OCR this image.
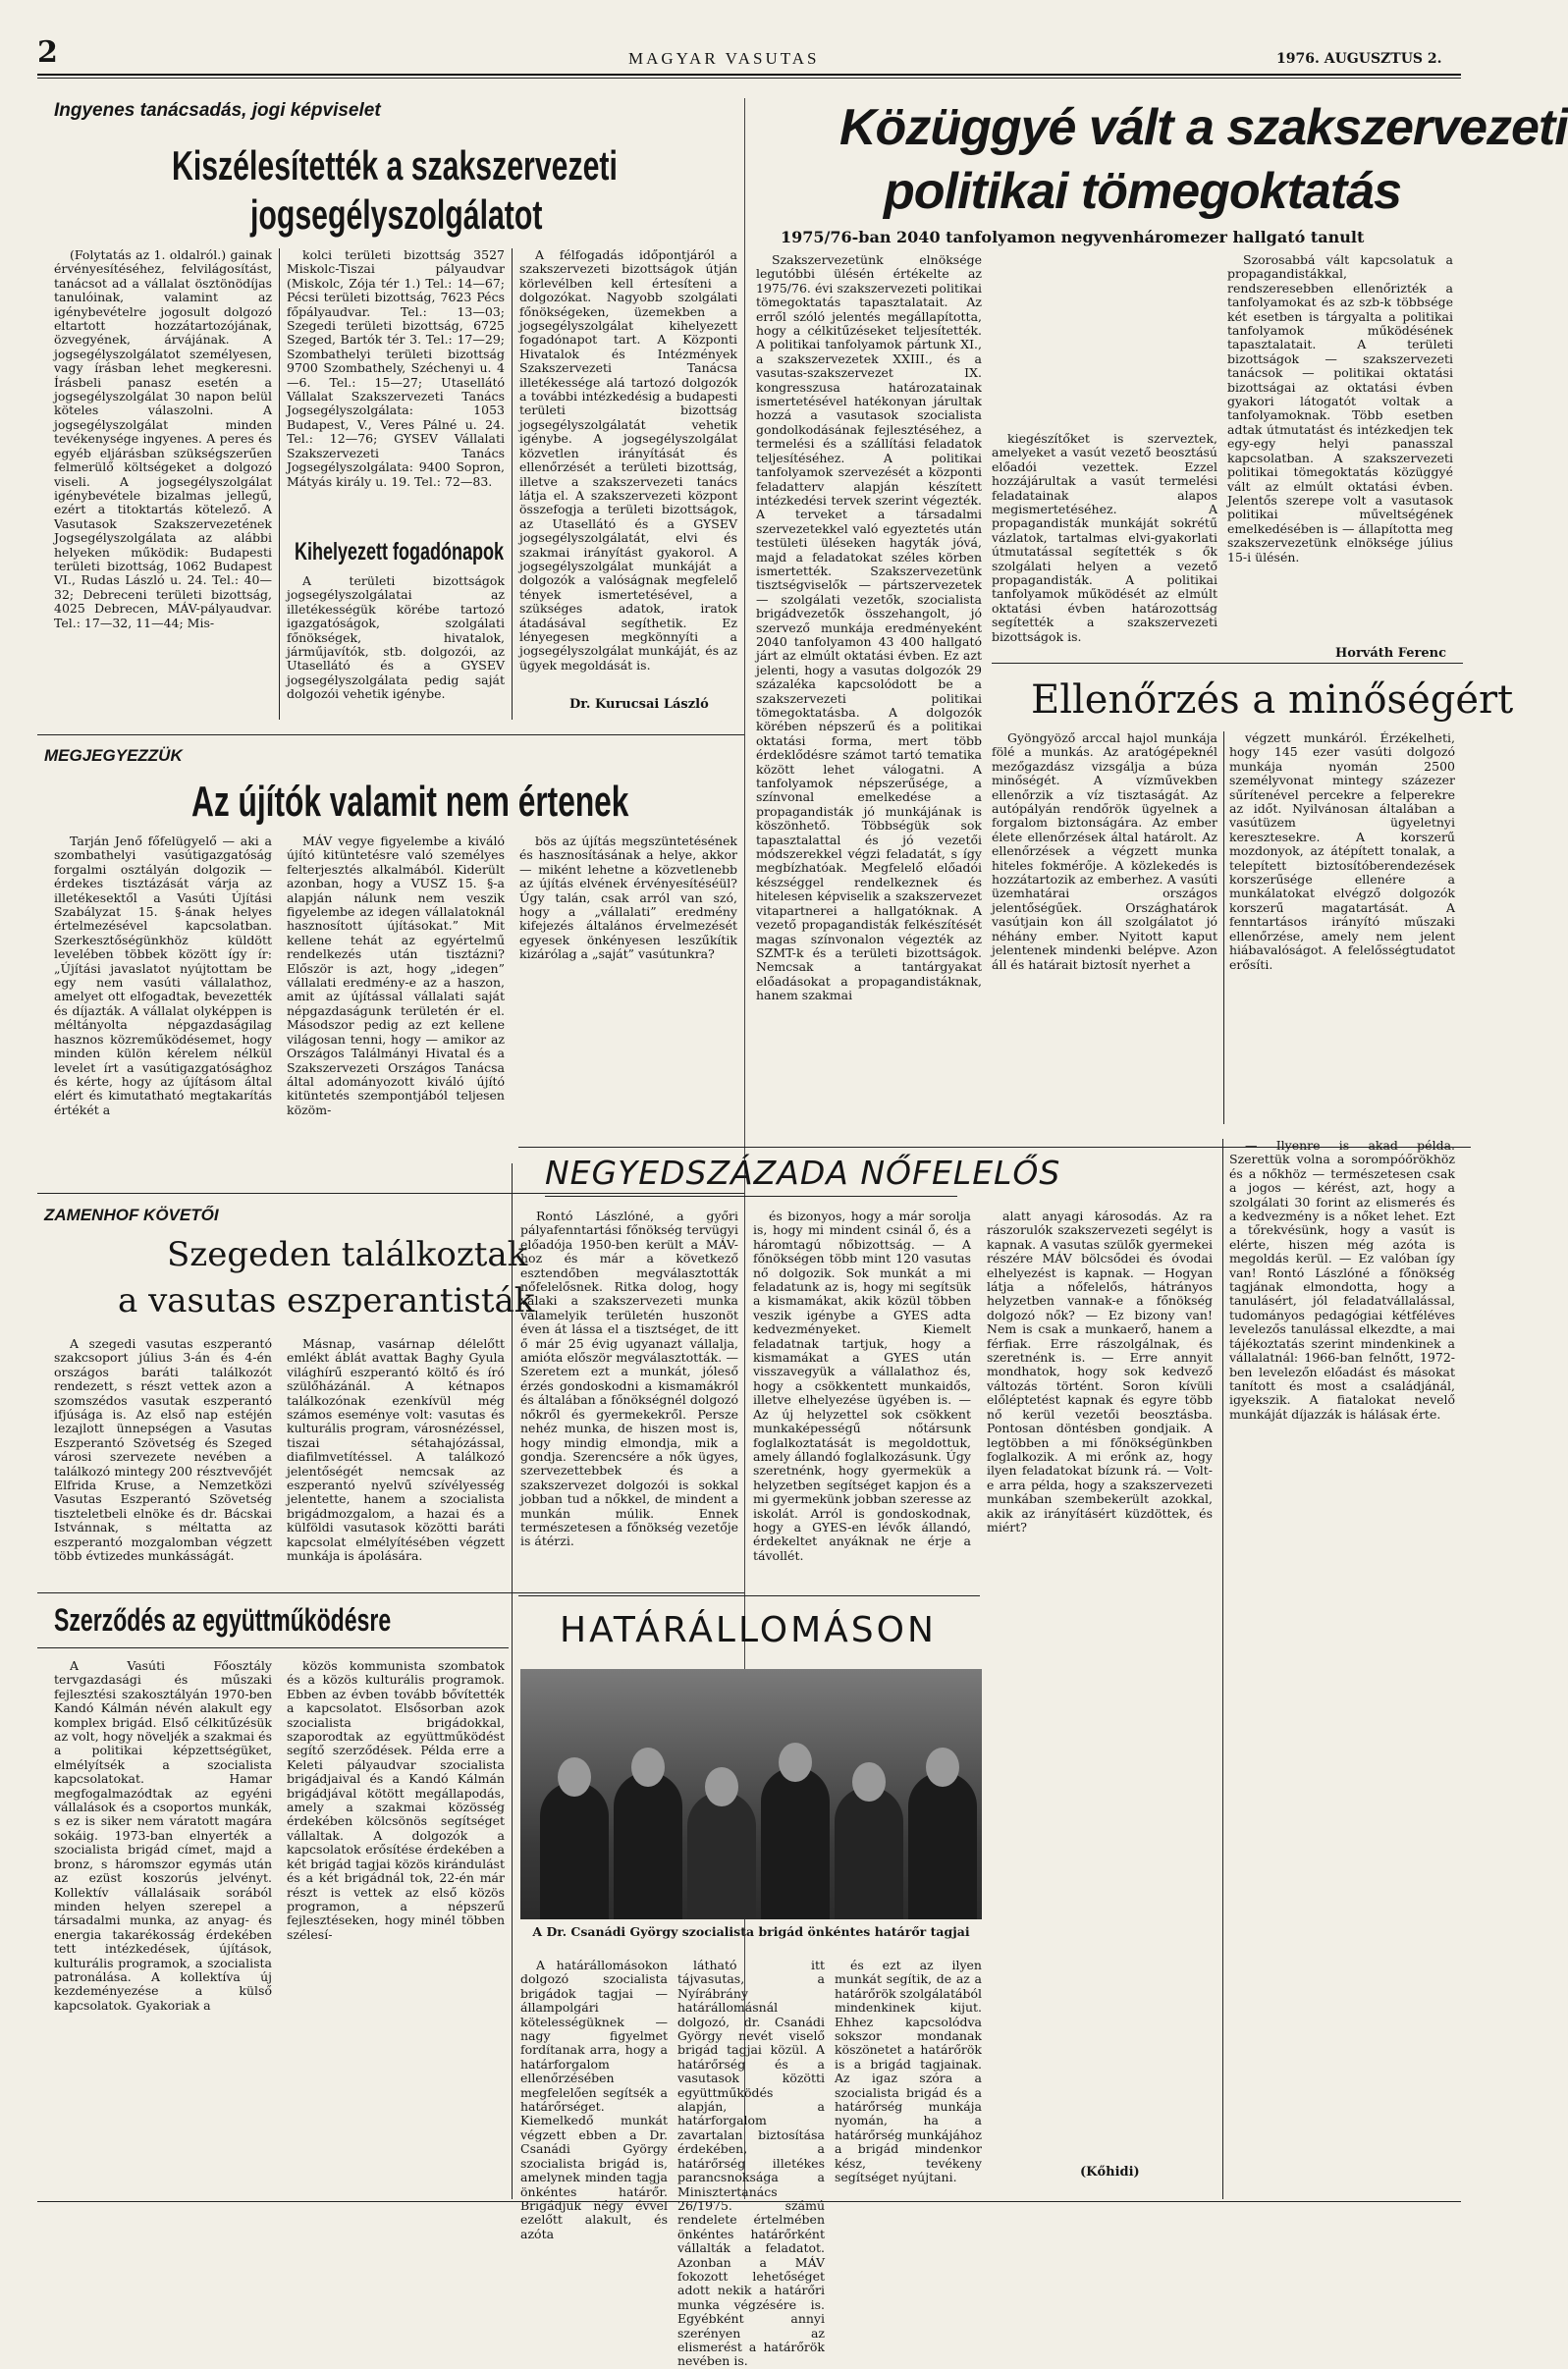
2	MAGYAR VASUTAS	1976. AUGUSZTUS 2.
Ingyenes tanácsadás, jogi képviselet
Kiszélesítették a szakszervezeti
jogsegélyszolgálatot

(Folytatás az 1. oldalról.) gainak érvényesítéséhez, felvilágosítást, tanácsot ad a vállalat ösztönödíjas tanulóinak, valamint az igénybevételre jogosult dolgozó eltartott hozzátartozójának, özvegyének, árvájának. A jogsegélyszolgálatot személyesen, vagy írásban lehet megkeresni. Írásbeli panasz esetén a jogsegélyszolgálat 30 napon belül köteles válaszolni. A jogsegélyszolgálat minden tevékenysége ingyenes. A peres és egyéb eljárásban szükségszerűen felmerülő költségeket a dolgozó viseli. A jogsegélyszolgálat igénybevétele bizalmas jellegű, ezért a titoktartás kötelező. A Vasutasok Szakszervezetének Jogsegélyszolgálata az alábbi helyeken működik: Budapesti területi bizottság, 1062 Budapest VI., Rudas László u. 24. Tel.: 40—32; Debreceni területi bizottság, 4025 Debrecen, MÁV-pályaudvar. Tel.: 17—32, 11—44; Mis-

kolci területi bizottság 3527 Miskolc-Tiszai pályaudvar (Miskolc, Zója tér 1.) Tel.: 14—67; Pécsi területi bizottság, 7623 Pécs főpályaudvar. Tel.: 13—03; Szegedi területi bizottság, 6725 Szeged, Bartók tér 3. Tel.: 17—29; Szombathelyi területi bizottság 9700 Szombathely, Széchenyi u. 4—6. Tel.: 15—27; Utasellátó Vállalat Szakszervezeti Tanács Jogsegélyszolgálata: 1053 Budapest, V., Veres Pálné u. 24. Tel.: 12—76; GYSEV Vállalati Szakszervezeti Tanács Jogsegélyszolgálata: 9400 Sopron, Mátyás király u. 19. Tel.: 72—83.

Kihelyezett fogadónapok

A területi bizottságok jogsegélyszolgálatai az illetékességük körébe tartozó igazgatóságok, szolgálati főnökségek, hivatalok, járműjavítók, stb. dolgozói, az Utasellátó és a GYSEV jogsegélyszolgálata pedig saját dolgozói vehetik igénybe.

A félfogadás időpontjáról a szakszervezeti bizottságok útján körlevélben kell értesíteni a dolgozókat. Nagyobb szolgálati főnökségeken, üzemekben a jogsegélyszolgálat kihelyezett fogadónapot tart. A Központi Hivatalok és Intézmények Szakszervezeti Tanácsa illetékessége alá tartozó dolgozók a további intézkedésig a budapesti területi bizottság jogsegélyszolgálatát vehetik igénybe. A jogsegélyszolgálat közvetlen irányítását és ellenőrzését a területi bizottság, illetve a szakszervezeti tanács látja el. A szakszervezeti központ összefogja a területi bizottságok, az Utasellátó és a GYSEV jogsegélyszolgálatát, elvi és szakmai irányítást gyakorol. A jogsegélyszolgálat munkáját a dolgozók a valóságnak megfelelő tények ismertetésével, a szükséges adatok, iratok átadásával segíthetik. Ez lényegesen megkönnyíti a jogsegélyszolgálat munkáját, és az ügyek megoldását is.

Dr. Kurucsai László
Közüggyé vált a szakszervezeti
politikai tömegoktatás
1975/76-ban 2040 tanfolyamon negyvenháromezer hallgató tanult

Szakszervezetünk elnöksége legutóbbi ülésén értékelte az 1975/76. évi szakszervezeti politikai tömegoktatás tapasztalatait. Az erről szóló jelentés megállapította, hogy a célkitűzéseket teljesítették. A politikai tanfolyamok pártunk XI., a szakszervezetek XXIII., és a vasutas-szakszervezet IX. kongresszusa határozatainak ismertetésével hatékonyan járultak hozzá a vasutasok szocialista gondolkodásának fejlesztéséhez, a termelési és a szállítási feladatok teljesítéséhez. A politikai tanfolyamok szervezését a központi feladatterv alapján készített intézkedési tervek szerint végezték. A terveket a társadalmi szervezetekkel való egyeztetés után testületi üléseken hagyták jóvá, majd a feladatokat széles körben ismertették. Szakszervezetünk tisztségviselők — pártszervezetek — szolgálati vezetők, szocialista brigádvezetők összehangolt, jó szervező munkája eredményeként 2040 tanfolyamon 43 400 hallgató járt az elmúlt oktatási évben. Ez azt jelenti, hogy a vasutas dolgozók 29 százaléka kapcsolódott be a szakszervezeti politikai tömegoktatásba. A dolgozók körében népszerű és a politikai oktatási forma, mert több érdeklődésre számot tartó tematika között lehet válogatni. A tanfolyamok népszerűsége, a színvonal emelkedése a propagandisták jó munkájának is köszönhető. Többségük sok tapasztalattal és jó vezetői módszerekkel végzi feladatát, s így megbízhatóak. Megfelelő előadói készséggel rendelkeznek és hitelesen képviselik a szakszervezet vitapartnerei a hallgatóknak. A vezető propagandisták felkészítését magas színvonalon végezték az SZMT-k és a területi bizottságok. Nemcsak a tantárgyakat előadásokat a propagandistáknak, hanem szakmai

kiegészítőket is szerveztek, amelyeket a vasút vezető beosztású előadói vezettek. Ezzel hozzájárultak a vasút termelési feladatainak alapos megismertetéséhez. A propagandisták munkáját sokrétű vázlatok, tartalmas elvi-gyakorlati útmutatással segítették s ők szolgálati helyen a vezető propagandisták. A politikai tanfolyamok működését az elmúlt oktatási évben határozottság segítették a szakszervezeti bizottságok is.

Szorosabbá vált kapcsolatuk a propagandistákkal, rendszeresebben ellenőrizték a tanfolyamokat és az szb-k többsége két esetben is tárgyalta a politikai tanfolyamok működésének tapasztalatait. A területi bizottságok — szakszervezeti tanácsok — politikai oktatási bizottságai az oktatási évben gyakori látogatót voltak a tanfolyamoknak. Több esetben adtak útmutatást és intézkedjen tek egy-egy helyi panasszal kapcsolatban. A szakszervezeti politikai tömegoktatás közüggyé vált az elmúlt oktatási évben. Jelentős szerepe volt a vasutasok politikai műveltségének emelkedésében is — állapította meg szakszervezetünk elnöksége július 15-i ülésén.

Horváth Ferenc
Ellenőrzés a minőségért

Gyöngyöző arccal hajol munkája fölé a munkás. Az aratógépeknél mezőgazdász vizsgálja a búza minőségét. A vízművekben ellenőrzik a víz tisztaságát. Az autópályán rendőrök ügyelnek a forgalom biztonságára. Az ember élete ellenőrzések által határolt. Az ellenőrzések a végzett munka hiteles fokmérője. A közlekedés is hozzátartozik az emberhez. A vasúti üzemhatárai országos jelentőségűek. Országhatárok vasútjain kon áll szolgálatot jó néhány ember. Nyitott kaput jelentenek mindenki belépve. Azon áll és határait biztosít nyerhet a

végzett munkáról. Érzékelheti, hogy 145 ezer vasúti dolgozó munkája nyomán 2500 személyvonat mintegy százezer sűrítenével percekre a felperekre az időt. Nyilvánosan általában a vasútüzem ügyeletnyi keresztesekre. A korszerű mozdonyok, az átépített tonalak, a telepített biztosítóberendezések korszerűsége ellenére a munkálatokat elvégző dolgozók korszerű magatartását. A fenntartásos irányító műszaki ellenőrzése, amely nem jelent hiábavalóságot. A felelősségtudatot erősíti.

MEGJEGYEZZÜK
Az újítók valamit nem értenek

Tarján Jenő főfelügyelő — aki a szombathelyi vasútigazgatóság forgalmi osztályán dolgozik — érdekes tisztázását várja az illetékesektől a Vasúti Újítási Szabályzat 15. §-ának helyes értelmezésével kapcsolatban. Szerkesztőségünkhöz küldött levelében többek között így ír: „Újítási javaslatot nyújtottam be egy nem vasúti vállalathoz, amelyet ott elfogadtak, bevezették és díjazták. A vállalat olyképpen is méltányolta népgazdaságilag hasznos közreműködésemet, hogy minden külön kérelem nélkül levelet írt a vasútigazgatósághoz és kérte, hogy az újításom által elért és kimutatható megtakarítás értékét a

MÁV vegye figyelembe a kiváló újító kitüntetésre való személyes felterjesztés alkalmából. Kiderült azonban, hogy a VUSZ 15. §-a alapján nálunk nem veszik figyelembe az idegen vállalatoknál hasznosított újításokat.” Mit kellene tehát az egyértelmű rendelkezés után tisztázni? Először is azt, hogy „idegen” vállalati eredmény-e az a haszon, amit az újítással vállalati saját népgazdaságunk területén ér el. Másodszor pedig az ezt kellene világosan tenni, hogy — amikor az Országos Találmányi Hivatal és a Szakszervezeti Országos Tanácsa által adományozott kiváló újító kitüntetés szempontjából teljesen közöm-

bös az újítás megszüntetésének és hasznosításának a helye, akkor — miként lehetne a közvetlenebb az újítás elvének érvényesítéséül? Úgy talán, csak arról van szó, hogy a „vállalati” eredmény kifejezés általános érvelmezését egyesek önkényesen leszűkítik kizárólag a „saját” vasútunkra?

ZAMENHOF KÖVETŐI
Szegeden találkoztak
a vasutas eszperantisták

A szegedi vasutas eszperantó szakcsoport július 3-án és 4-én országos baráti találkozót rendezett, s részt vettek azon a szomszédos vasutak eszperantó ifjúsága is. Az első nap estéjén lezajlott ünnepségen a Vasutas Eszperantó Szövetség és Szeged városi szervezete nevében a találkozó mintegy 200 résztvevőjét Elfrida Kruse, a Nemzetközi Vasutas Eszperantó Szövetség tiszteletbeli elnöke és dr. Bácskai Istvánnak, s méltatta az eszperantó mozgalomban végzett több évtizedes munkásságát.

Másnap, vasárnap délelőtt emlékt áblát avattak Baghy Gyula világhírű eszperantó költő és író szülőházánál. A kétnapos találkozónak ezenkívül még számos eseménye volt: vasutas és kulturális program, városnézéssel, tiszai sétahajózással, diafilmvetítéssel. A találkozó jelentőségét nemcsak az eszperantó nyelvű szívélyesség jelentette, hanem a szocialista brigádmozgalom, a hazai és a külföldi vasutasok közötti baráti kapcsolat elmélyítésében végzett munkája is ápolására.

Szerződés az együttműködésre

A Vasúti Főosztály tervgazdasági és műszaki fejlesztési szakosztályán 1970-ben Kandó Kálmán névén alakult egy komplex brigád. Első célkitűzésük az volt, hogy növeljék a szakmai és a politikai képzettségüket, elmélyítsék a szocialista kapcsolatokat. Hamar megfogalmazódtak az egyéni vállalások és a csoportos munkák, s ez is siker nem váratott magára sokáig. 1973-ban elnyerték a szocialista brigád címet, majd a bronz, s háromszor egymás után az ezüst koszorús jelvényt. Kollektív vállalásaik sorából minden helyen szerepel a társadalmi munka, az anyag- és energia takarékosság érdekében tett intézkedések, újítások, kulturális programok, a szocialista patronálása. A kollektíva új kezdeményezése a külső kapcsolatok. Gyakoriak a

közös kommunista szombatok és a közös kulturális programok. Ebben az évben tovább bővítették a kapcsolatot. Elsősorban azok szocialista brigádokkal, szaporodtak az együttműködést segítő szerződések. Példa erre a Keleti pályaudvar szocialista brigádjaival és a Kandó Kálmán brigádjával kötött megállapodás, amely a szakmai közösség érdekében kölcsönös segítséget vállaltak. A dolgozók a kapcsolatok erősítése érdekében a két brigád tagjai közös kirándulást és a két brigádnál tok, 22-én már részt is vettek az első közös programon, a népszerű fejlesztéseken, hogy minél többen szélesí-

NEGYEDSZÁZADA NŐFELELŐS

Rontó Lászlóné, a győri pályafenntartási főnökség tervügyi előadója 1950-ben került a MÁV-hoz és már a következő esztendőben megválasztották nőfelelősnek. Ritka dolog, hogy valaki a szakszervezeti munka valamelyik területén huszonöt éven át lássa el a tisztséget, de itt ő már 25 évig ugyanazt vállalja, amióta először megválasztották. — Szeretem ezt a munkát, jóleső érzés gondoskodni a kismamákról és általában a főnökségnél dolgozó nőkről és gyermekekről. Persze nehéz munka, de hiszen most is, hogy mindig elmondja, mik a gondja. Szerencsére a nők ügyes, szervezettebbek és a szakszervezet dolgozói is sokkal jobban tud a nőkkel, de mindent a munkán múlik. Ennek természetesen a főnökség vezetője is átérzi.

és bizonyos, hogy a már sorolja is, hogy mi mindent csinál ő, és a háromtagú nőbizottság. — A főnökségen több mint 120 vasutas nő dolgozik. Sok munkát a mi feladatunk az is, hogy mi segítsük a kismamákat, akik közül többen veszik igénybe a GYES adta kedvezményeket. Kiemelt feladatnak tartjuk, hogy a kismamákat a GYES után visszavegyük a vállalathoz és, hogy a csökkentett munkaidős, illetve elhelyezése ügyében is. — Az új helyzettel sok csökkent munkaképességű nőtársunk foglalkoztatását is megoldottuk, amely állandó foglalkozásunk. Úgy szeretnénk, hogy gyermekük a helyzetben segítséget kapjon és a mi gyermekünk jobban szeresse az iskolát. Arról is gondoskodnak, hogy a GYES-en lévők állandó, érdekeltet anyáknak ne érje a távollét.

alatt anyagi károsodás. Az ra rászorulók szakszervezeti segélyt is kapnak. A vasutas szülők gyermekei részére MÁV bölcsődei és óvodai elhelyezést is kapnak. — Hogyan látja a nőfelelős, hátrányos helyzetben vannak-e a főnökség dolgozó nők? — Ez bizony van! Nem is csak a munkaerő, hanem a férfiak. Erre rászolgálnak, és szeretnénk is. — Erre annyit mondhatok, hogy sok kedvező változás történt. Soron kívüli előléptetést kapnak és egyre több nő kerül vezetői beosztásba. Pontosan döntésben gondjaik. A legtöbben a mi főnökségünkben foglalkozik. A mi erőnk az, hogy ilyen feladatokat bízunk rá. — Volt-e arra példa, hogy a szakszervezeti munkában szembekerült azokkal, akik az irányításért küzdöttek, és miért?

(Kőhidi)

— Ilyenre is akad példa. Szerettük volna a sorompóőrökhöz és a nőkhöz — természetesen csak a jogos — kérést, azt, hogy a szolgálati 30 forint az elismerés és a kedvezmény is a nőket lehet. Ezt a tőrekvésünk, hogy a vasút is elérte, hiszen még azóta is megoldás kerül. — Ez valóban így van! Rontó Lászlóné a főnökség tagjának elmondotta, hogy a tanulásért, jól feladatvállalással, tudományos pedagógiai kétféléves levelezős tanulással elkezdte, a mai tájékoztatás szerint mindenkinek a vállalatnál: 1966-ban felnőtt, 1972-ben levelezőn előadást és másokat tanított és most a családjánál, igyekszik. A fiatalokat nevelő munkáját díjazzák is hálásak érte.

HATÁRÁLLOMÁSON
A Dr. Csanádi György szocialista brigád önkéntes határőr tagjai

A határállomásokon dolgozó szocialista brigádok tagjai — állampolgári kötelességüknek — nagy figyelmet fordítanak arra, hogy a határforgalom ellenőrzésében megfelelően segítsék a határőrséget. Kiemelkedő munkát végzett ebben a Dr. Csanádi György szocialista brigád is, amelynek minden tagja önkéntes határőr. Brigádjuk négy évvel ezelőtt alakult, és azóta

látható itt tájvasutas, a Nyírábrány határállomásnál dolgozó, dr. Csanádi György nevét viselő brigád tagjai közül. A határőrség és a vasutasok közötti együttműködés alapján, a határforgalom zavartalan biztosítása érdekében, a határőrség illetékes parancsnoksága a Minisztertanács 26/1975. számú rendelete értelmében önkéntes határőrként vállalták a feladatot. Azonban a MÁV fokozott lehetőséget adott nekik a határőri munka végzésére is. Egyébként annyi szerényen az elismerést a határőrök nevében is.

és ezt az ilyen munkát segítik, de az a határőrök szolgálatából mindenkinek kijut. Ehhez kapcsolódva sokszor mondanak köszönetet a határőrök is a brigád tagjainak. Az igaz szóra a szocialista brigád és a határőrség munkája nyomán, ha a határőrség munkájához a brigád mindenkor kész, tevékeny segítséget nyújtani.
